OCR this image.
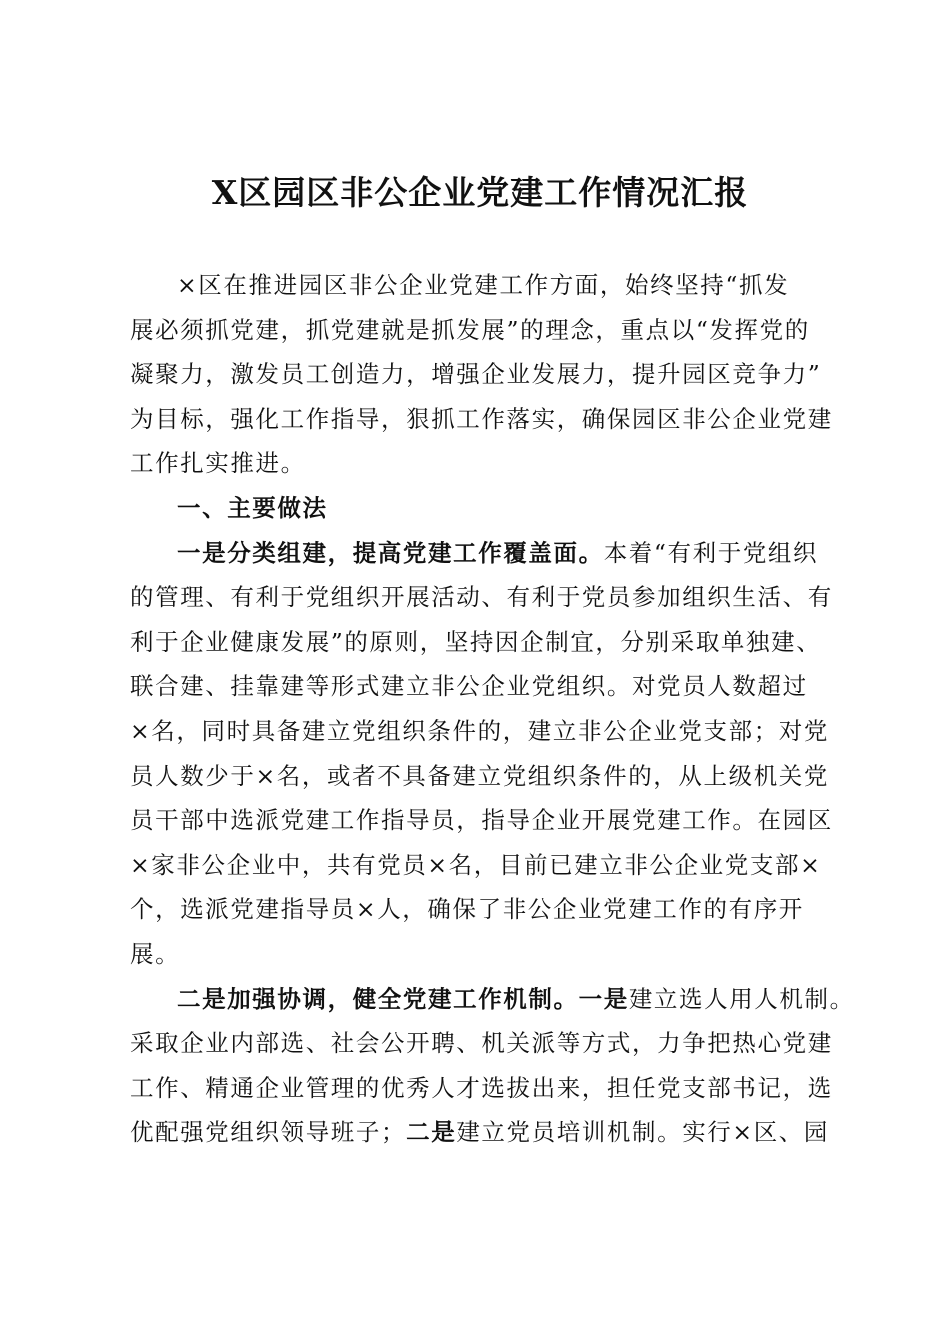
X区园区非公企业党建工作情况汇报
×区在推进园区非公企业党建工作方面，始终坚持“抓发
展必须抓党建，抓党建就是抓发展”的理念，重点以“发挥党的
凝聚力，激发员工创造力，增强企业发展力，提升园区竞争力”
为目标，强化工作指导，狠抓工作落实，确保园区非公企业党建
工作扎实推进。
一、主要做法
一是分类组建，提高党建工作覆盖面。本着“有利于党组织
的管理、有利于党组织开展活动、有利于党员参加组织生活、有
利于企业健康发展”的原则，坚持因企制宜，分别采取单独建、
联合建、挂靠建等形式建立非公企业党组织。对党员人数超过
×名，同时具备建立党组织条件的，建立非公企业党支部；对党
员人数少于×名，或者不具备建立党组织条件的，从上级机关党
员干部中选派党建工作指导员，指导企业开展党建工作。在园区
×家非公企业中，共有党员×名，目前已建立非公企业党支部×
个，选派党建指导员×人，确保了非公企业党建工作的有序开
展。
二是加强协调，健全党建工作机制。一是建立选人用人机制。
采取企业内部选、社会公开聘、机关派等方式，力争把热心党建
工作、精通企业管理的优秀人才选拔出来，担任党支部书记，选
优配强党组织领导班子；二是建立党员培训机制。实行×区、园
